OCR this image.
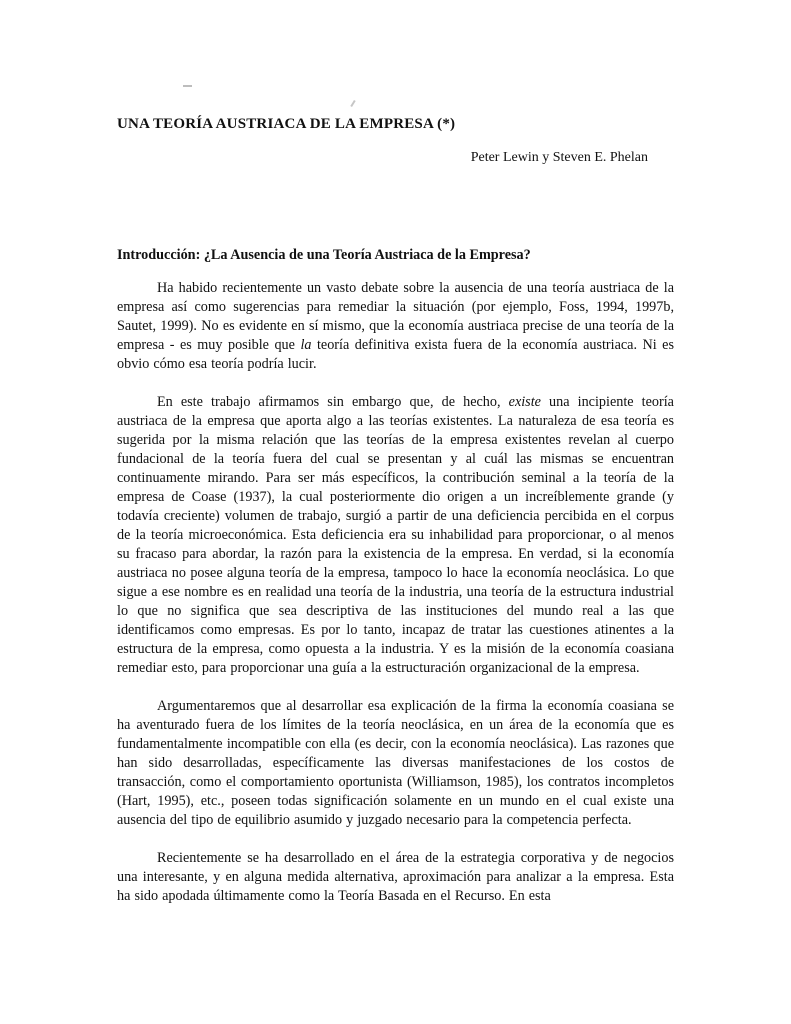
UNA TEORÍA AUSTRIACA DE LA EMPRESA (*)
Peter Lewin y Steven E. Phelan
Introducción: ¿La Ausencia de una Teoría Austriaca de la Empresa?

Ha habido recientemente un vasto debate sobre la ausencia de una teoría austriaca de la empresa así como sugerencias para remediar la situación (por ejemplo, Foss, 1994, 1997b, Sautet, 1999). No es evidente en sí mismo, que la economía austriaca precise de una teoría de la empresa - es muy posible que la teoría definitiva exista fuera de la economía austriaca. Ni es obvio cómo esa teoría podría lucir.

En este trabajo afirmamos sin embargo que, de hecho, existe una incipiente teoría austriaca de la empresa que aporta algo a las teorías existentes. La naturaleza de esa teoría es sugerida por la misma relación que las teorías de la empresa existentes revelan al cuerpo fundacional de la teoría fuera del cual se presentan y al cuál las mismas se encuentran continuamente mirando. Para ser más específicos, la contribución seminal a la teoría de la empresa de Coase (1937), la cual posteriormente dio origen a un increíblemente grande (y todavía creciente) volumen de trabajo, surgió a partir de una deficiencia percibida en el corpus de la teoría microeconómica. Esta deficiencia era su inhabilidad para proporcionar, o al menos su fracaso para abordar, la razón para la existencia de la empresa. En verdad, si la economía austriaca no posee alguna teoría de la empresa, tampoco lo hace la economía neoclásica. Lo que sigue a ese nombre es en realidad una teoría de la industria, una teoría de la estructura industrial lo que no significa que sea descriptiva de las instituciones del mundo real a las que identificamos como empresas. Es por lo tanto, incapaz de tratar las cuestiones atinentes a la estructura de la empresa, como opuesta a la industria. Y es la misión de la economía coasiana remediar esto, para proporcionar una guía a la estructuración organizacional de la empresa.

Argumentaremos que al desarrollar esa explicación de la firma la economía coasiana se ha aventurado fuera de los límites de la teoría neoclásica, en un área de la economía que es fundamentalmente incompatible con ella (es decir, con la economía neoclásica). Las razones que han sido desarrolladas, específicamente las diversas manifestaciones de los costos de transacción, como el comportamiento oportunista (Williamson, 1985), los contratos incompletos (Hart, 1995), etc., poseen todas significación solamente en un mundo en el cual existe una ausencia del tipo de equilibrio asumido y juzgado necesario para la competencia perfecta.

Recientemente se ha desarrollado en el área de la estrategia corporativa y de negocios una interesante, y en alguna medida alternativa, aproximación para analizar a la empresa. Esta ha sido apodada últimamente como la Teoría Basada en el Recurso. En esta
